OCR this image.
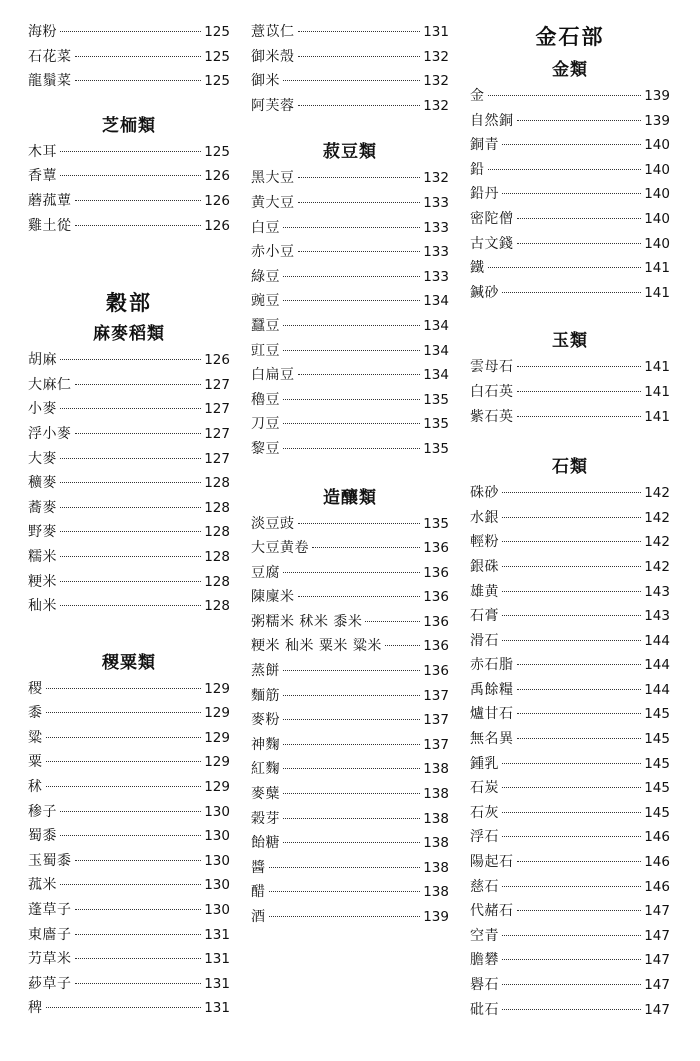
海粉	125
石花菜	125
龍鬚菜	125
芝栭類
木耳	125
香蕈	126
蘑菰蕈	126
雞土從	126
穀部
麻麥稻類
胡麻	126
大麻仁	127
小麥	127
浮小麥	127
大麥	127
穬麥	128
蕎麥	128
野麥	128
糯米	128
粳米	128
秈米	128
稷粟類
稷	129
黍	129
粱	129
粟	129
秫	129
䅟子	130
蜀黍	130
玉蜀黍	130
菰米	130
蓬草子	130
東廧子	131
芀草米	131
䔋草子	131
稗	131
薏苡仁	131
御米殼	132
御米	132
阿芙蓉	132
菽豆類
黑大豆	132
黄大豆	133
白豆	133
赤小豆	133
綠豆	133
豌豆	134
蠶豆	134
豇豆	134
白扁豆	134
穭豆	135
刀豆	135
黎豆	135
造釀類
淡豆豉	135
大豆黄卷	136
豆腐	136
陳廩米	136
粥糯米 秫米 黍米	136
粳米 秈米 粟米 粱米	136
蒸餅	136
麵筋	137
麥粉	137
神麴	137
紅麴	138
麥糵	138
榖芽	138
飴糖	138
醬	138
醋	138
酒	139
金石部
金類
金	139
自然銅	139
銅青	140
鉛	140
鉛丹	140
密陀僧	140
古文錢	140
鐵	141
鍼砂	141
玉類
雲母石	141
白石英	141
紫石英	141
石類
硃砂	142
水銀	142
輕粉	142
銀硃	142
雄黄	143
石膏	143
滑石	144
赤石脂	144
禹餘糧	144
爐甘石	145
無名異	145
鍾乳	145
石炭	145
石灰	145
浮石	146
陽起石	146
慈石	146
代赭石	147
空青	147
膽礬	147
礜石	147
砒石	147
